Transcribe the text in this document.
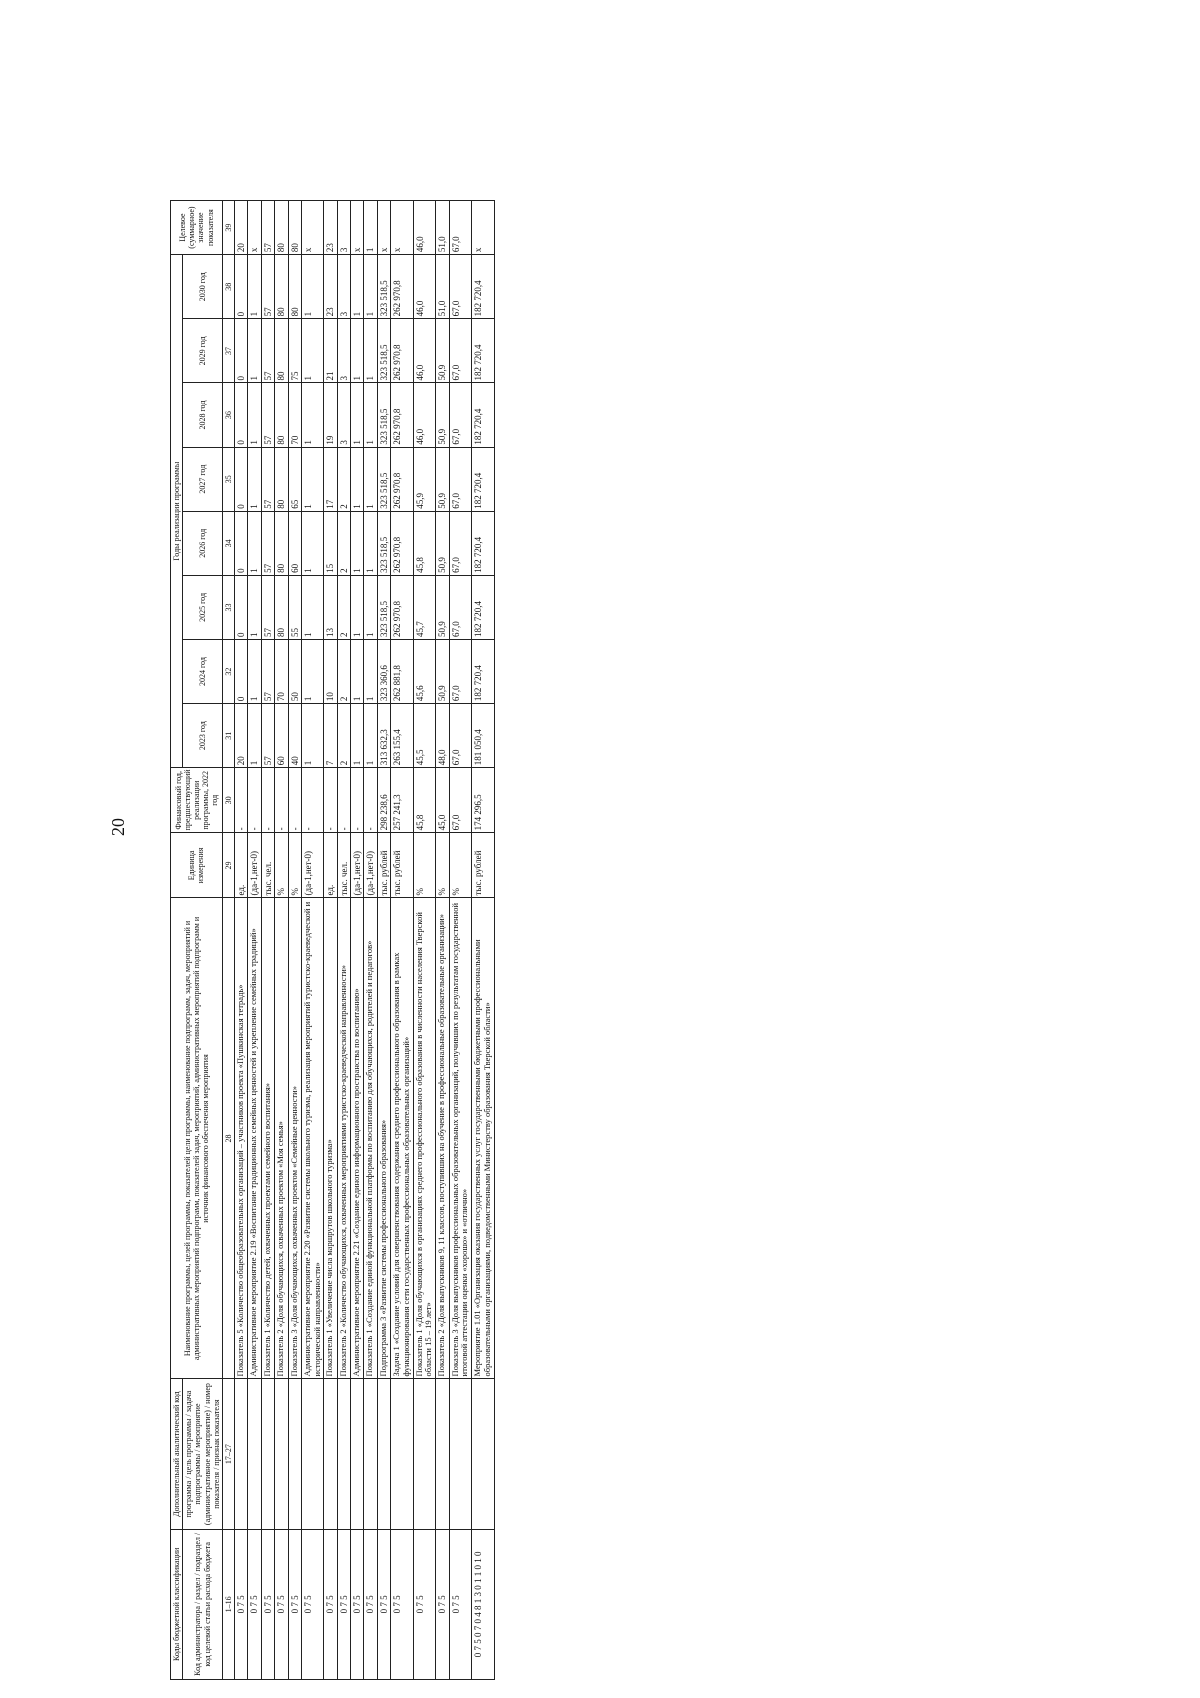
20
Коды бюджетной классификации	Дополнительный аналитический код	Наименование программы, целей программы, показателей цели программы, наименование подпрограмм, задач, мероприятий и административных мероприятий подпрограмм, показателей задач, мероприятий, административных мероприятий подпрограмм и источник финансового обеспечения мероприятия	Единица измерения	Финансовый год, предшествующий реализации программы, 2022 год	Годы реализации программы								Целевое (суммарное) значение показателя
Код администратора / раздел / подраздел / код целевой статьи расхода бюджета	программа / цель программы / задача подпрограммы / мероприятие (административное мероприятие) / номер показателя / признак показателя				2023 год	2024 год	2025 год	2026 год	2027 год	2028 год	2029 год	2030 год	
1–16	17–27	28	29	30	31	32	33	34	35	36	37	38	39
0 7 5		Показатель 5 «Количество общеобразовательных организаций – участников проекта «Пушкинская тетрадь»	ед.	-	20	0	0	0	0	0	0	0	20
0 7 5		Административное мероприятие 2.19 «Воспитание традиционных семейных ценностей и укрепление семейных традиций»	(да-1,нет-0)	-	1	1	1	1	1	1	1	1	x
0 7 5		Показатель 1 «Количество детей, охваченных проектами семейного воспитания»	тыс. чел.	-	57	57	57	57	57	57	57	57	57
0 7 5		Показатель 2 «Доля обучающихся, охваченных проектом «Моя семья»	%	-	60	70	80	80	80	80	80	80	80
0 7 5		Показатель 3 «Доля обучающихся, охваченных проектом «Семейные ценности»	%	-	40	50	55	60	65	70	75	80	80
0 7 5		Административное мероприятие 2.20 «Развитие системы школьного туризма, реализация мероприятий туристско-краеведческой и исторической направленности»	(да-1,нет-0)	-	1	1	1	1	1	1	1	1	x
0 7 5		Показатель 1 «Увеличение числа маршрутов школьного туризма»	ед.	-	7	10	13	15	17	19	21	23	23
0 7 5		Показатель 2 «Количество обучающихся, охваченных мероприятиями туристско-краеведческой направленности»	тыс. чел.	-	2	2	2	2	2	3	3	3	3
0 7 5		Административное мероприятие 2.21 «Создание единого информационного пространства по воспитанию»	(да-1,нет-0)	-	1	1	1	1	1	1	1	1	x
0 7 5		Показатель 1 «Создание единой функциональной платформы по воспитанию для обучающихся, родителей и педагогов»	(да-1,нет-0)	-	1	1	1	1	1	1	1	1	1
0 7 5		Подпрограмма 3 «Развитие системы профессионального образования»	тыс. рублей	298 238,6	313 632,3	323 360,6	323 518,5	323 518,5	323 518,5	323 518,5	323 518,5	323 518,5	x
0 7 5		Задача 1 «Создание условий для совершенствования содержания среднего профессионального образования в рамках функционирования сети государственных профессиональных образовательных организаций»	тыс. рублей	257 241,3	263 155,4	262 881,8	262 970,8	262 970,8	262 970,8	262 970,8	262 970,8	262 970,8	x
0 7 5		Показатель 1 «Доля обучающихся в организациях среднего профессионального образования в численности населения Тверской области 15 – 19 лет»	%	45,8	45,5	45,6	45,7	45,8	45,9	46,0	46,0	46,0	46,0
0 7 5		Показатель 2 «Доля выпускников 9, 11 классов, поступивших на обучение в профессиональные образовательные организации»	%	45,0	48,0	50,9	50,9	50,9	50,9	50,9	50,9	51,0	51,0
0 7 5		Показатель 3 «Доля выпускников профессиональных образовательных организаций, получивших по результатам государственной итоговой аттестации оценки «хорошо» и «отлично»	%	67,0	67,0	67,0	67,0	67,0	67,0	67,0	67,0	67,0	67,0
0 7 5 0 7 0 4 8 1 3 0 1 1 0 1 0		Мероприятие 1.01 «Организация оказания государственных услуг государственными бюджетными профессиональными образовательными организациями, подведомственными Министерству образования Тверской области»	тыс. рублей	174 296,5	181 050,4	182 720,4	182 720,4	182 720,4	182 720,4	182 720,4	182 720,4	182 720,4	x
